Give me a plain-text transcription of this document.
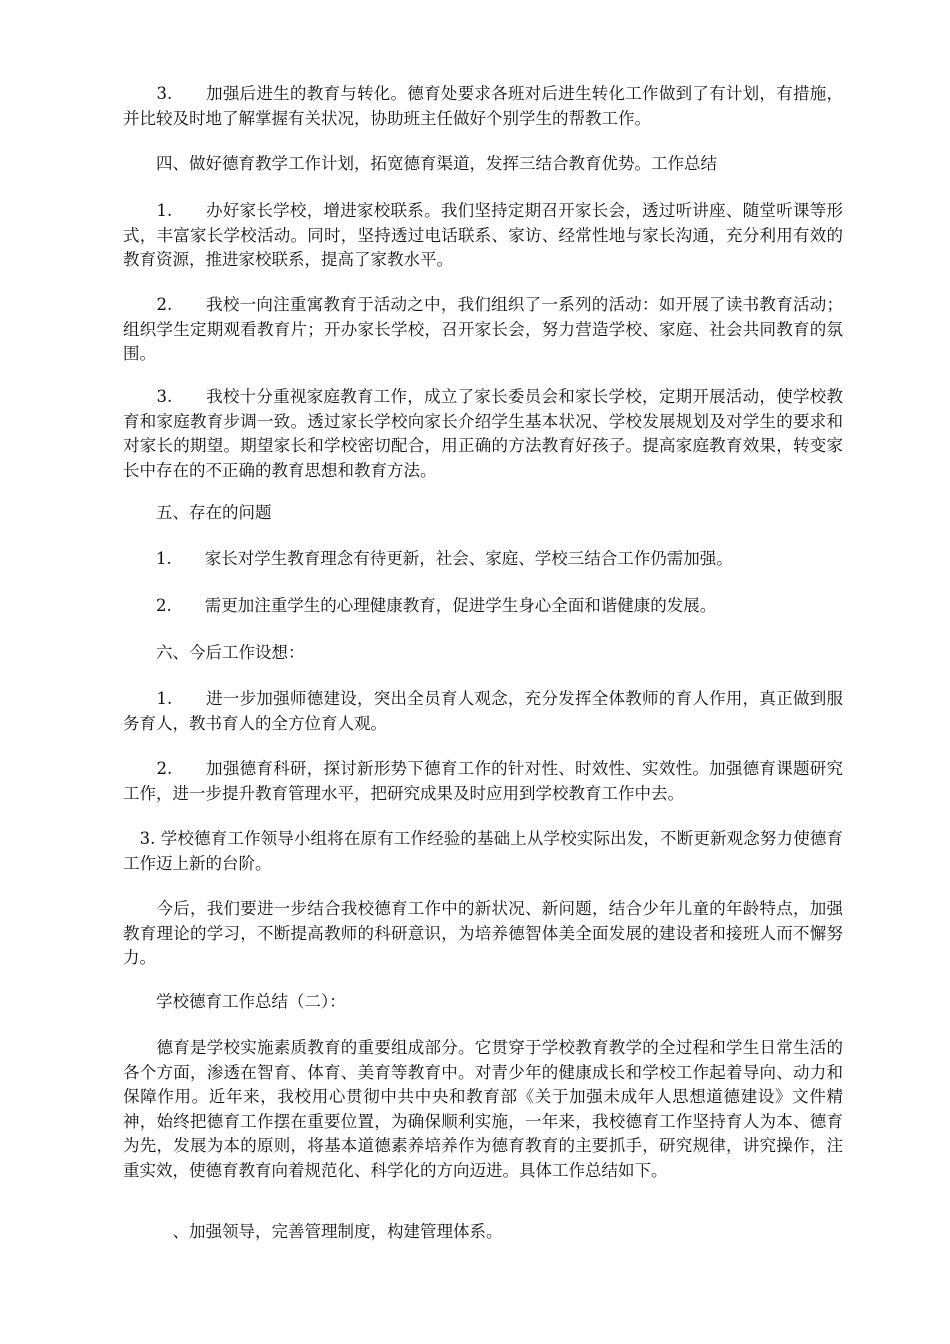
　　3.　　加强后进生的教育与转化。德育处要求各班对后进生转化工作做到了有计划，有措施，并比较及时地了解掌握有关状况，协助班主任做好个别学生的帮教工作。

　　四、做好德育教学工作计划，拓宽德育渠道，发挥三结合教育优势。工作总结

　　1.　　办好家长学校，增进家校联系。我们坚持定期召开家长会，透过听讲座、随堂听课等形式，丰富家长学校活动。同时，坚持透过电话联系、家访、经常性地与家长沟通，充分利用有效的教育资源，推进家校联系，提高了家教水平。

　　2.　　我校一向注重寓教育于活动之中，我们组织了一系列的活动：如开展了读书教育活动；组织学生定期观看教育片；开办家长学校，召开家长会，努力营造学校、家庭、社会共同教育的氛围。

　　3.　　我校十分重视家庭教育工作，成立了家长委员会和家长学校，定期开展活动，使学校教育和家庭教育步调一致。透过家长学校向家长介绍学生基本状况、学校发展规划及对学生的要求和对家长的期望。期望家长和学校密切配合，用正确的方法教育好孩子。提高家庭教育效果，转变家长中存在的不正确的教育思想和教育方法。

　　五、存在的问题

　　1.　　家长对学生教育理念有待更新，社会、家庭、学校三结合工作仍需加强。

　　2.　　需更加注重学生的心理健康教育，促进学生身心全面和谐健康的发展。

　　六、今后工作设想：

　　1.　　进一步加强师德建设，突出全员育人观念，充分发挥全体教师的育人作用，真正做到服务育人，教书育人的全方位育人观。

　　2.　　加强德育科研，探讨新形势下德育工作的针对性、时效性、实效性。加强德育课题研究工作，进一步提升教育管理水平，把研究成果及时应用到学校教育工作中去。

　3. 学校德育工作领导小组将在原有工作经验的基础上从学校实际出发，不断更新观念努力使德育工作迈上新的台阶。

　　今后，我们要进一步结合我校德育工作中的新状况、新问题，结合少年儿童的年龄特点，加强教育理论的学习，不断提高教师的科研意识，为培养德智体美全面发展的建设者和接班人而不懈努力。

　　学校德育工作总结（二）：

　　德育是学校实施素质教育的重要组成部分。它贯穿于学校教育教学的全过程和学生日常生活的各个方面，渗透在智育、体育、美育等教育中。对青少年的健康成长和学校工作起着导向、动力和保障作用。近年来，我校用心贯彻中共中央和教育部《关于加强未成年人思想道德建设》文件精神，始终把德育工作摆在重要位置，为确保顺利实施，一年来，我校德育工作坚持育人为本、德育为先，发展为本的原则，将基本道德素养培养作为德育教育的主要抓手，研究规律，讲究操作，注重实效，使德育教育向着规范化、科学化的方向迈进。具体工作总结如下。

　　　、加强领导，完善管理制度，构建管理体系。
